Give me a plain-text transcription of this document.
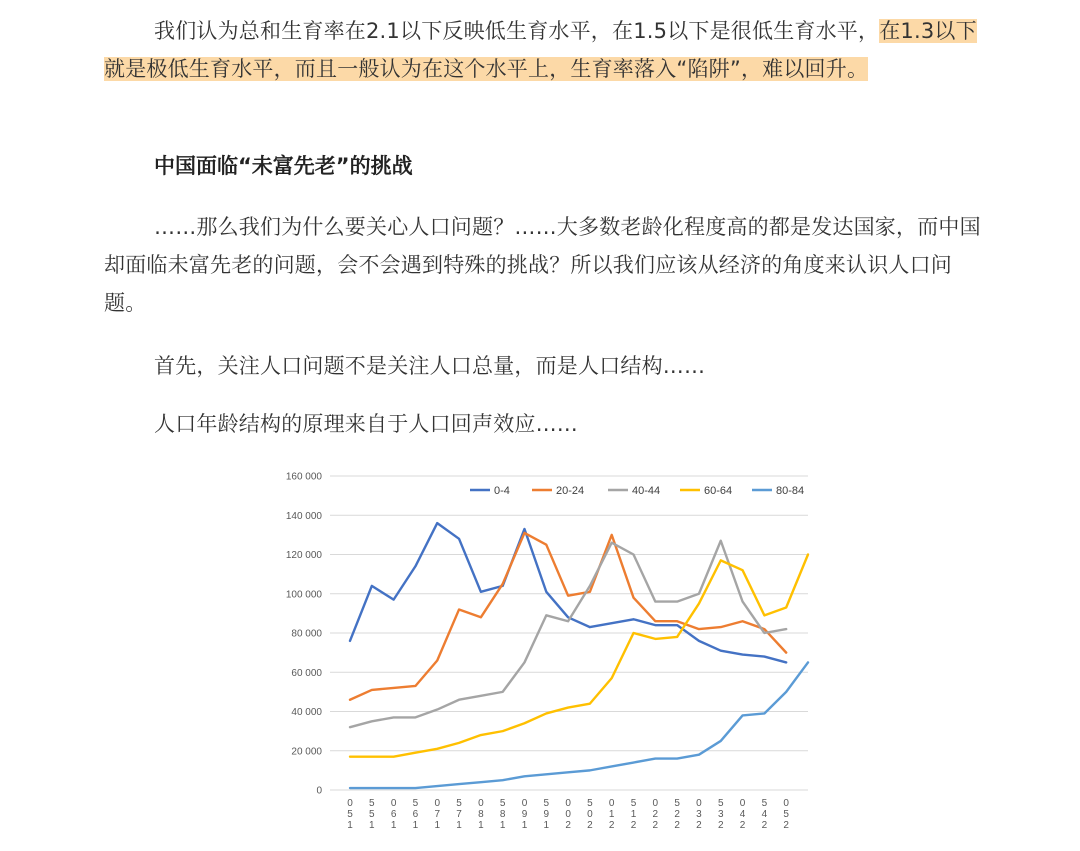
我们认为总和生育率在2.1以下反映低生育水平，在1.5以下是很低生育水平，在1.3以下就是极低生育水平，而且一般认为在这个水平上，生育率落入“陷阱”，难以回升。

中国面临“未富先老”的挑战

……那么我们为什么要关心人口问题？……大多数老龄化程度高的都是发达国家，而中国却面临未富先老的问题，会不会遇到特殊的挑战？所以我们应该从经济的角度来认识人口问题。

首先，关注人口问题不是关注人口总量，而是人口结构……

人口年龄结构的原理来自于人口回声效应……

0
20 000
40 000
60 000
80 000
100 000
120 000
140 000
160 000
0
5
1
5
5
1
0
6
1
5
6
1
0
7
1
5
7
1
0
8
1
5
8
1
0
9
1
5
9
1
0
0
2
5
0
2
0
1
2
5
1
2
0
2
2
5
2
2
0
3
2
5
3
2
0
4
2
5
4
2
0
5
2
0-4	20-24	40-44	60-64	80-84
